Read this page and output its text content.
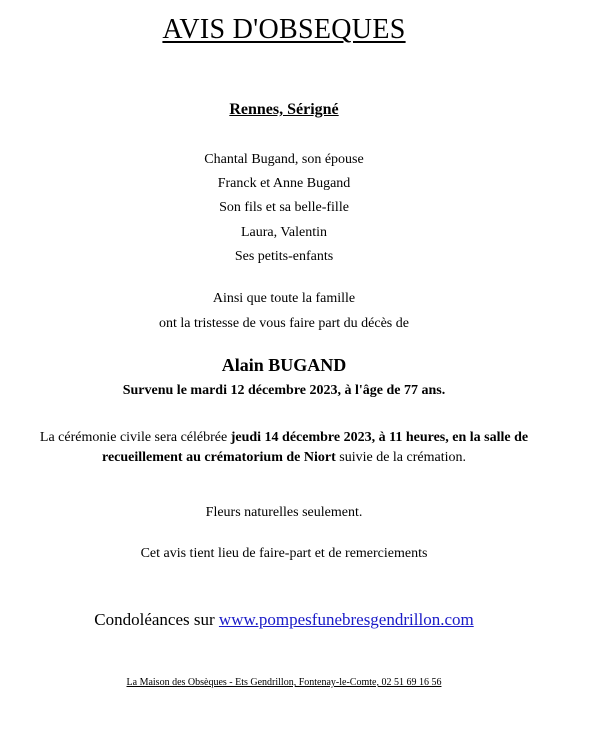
AVIS D'OBSEQUES
Rennes, Sérigné
Chantal Bugand, son épouse
Franck et Anne Bugand
Son fils et sa belle-fille
Laura, Valentin
Ses petits-enfants
Ainsi que toute la famille
ont la tristesse de vous faire part du décès de
Alain BUGAND
Survenu le mardi 12 décembre 2023, à l'âge de 77 ans.
La cérémonie civile sera célébrée jeudi 14 décembre 2023, à 11 heures, en la salle de recueillement au crématorium de Niort suivie de la crémation.
Fleurs naturelles seulement.
Cet avis tient lieu de faire-part et de remerciements
Condoléances sur www.pompesfunebresgendrillon.com
La Maison des Obsèques - Ets Gendrillon, Fontenay-le-Comte, 02 51 69 16 56
